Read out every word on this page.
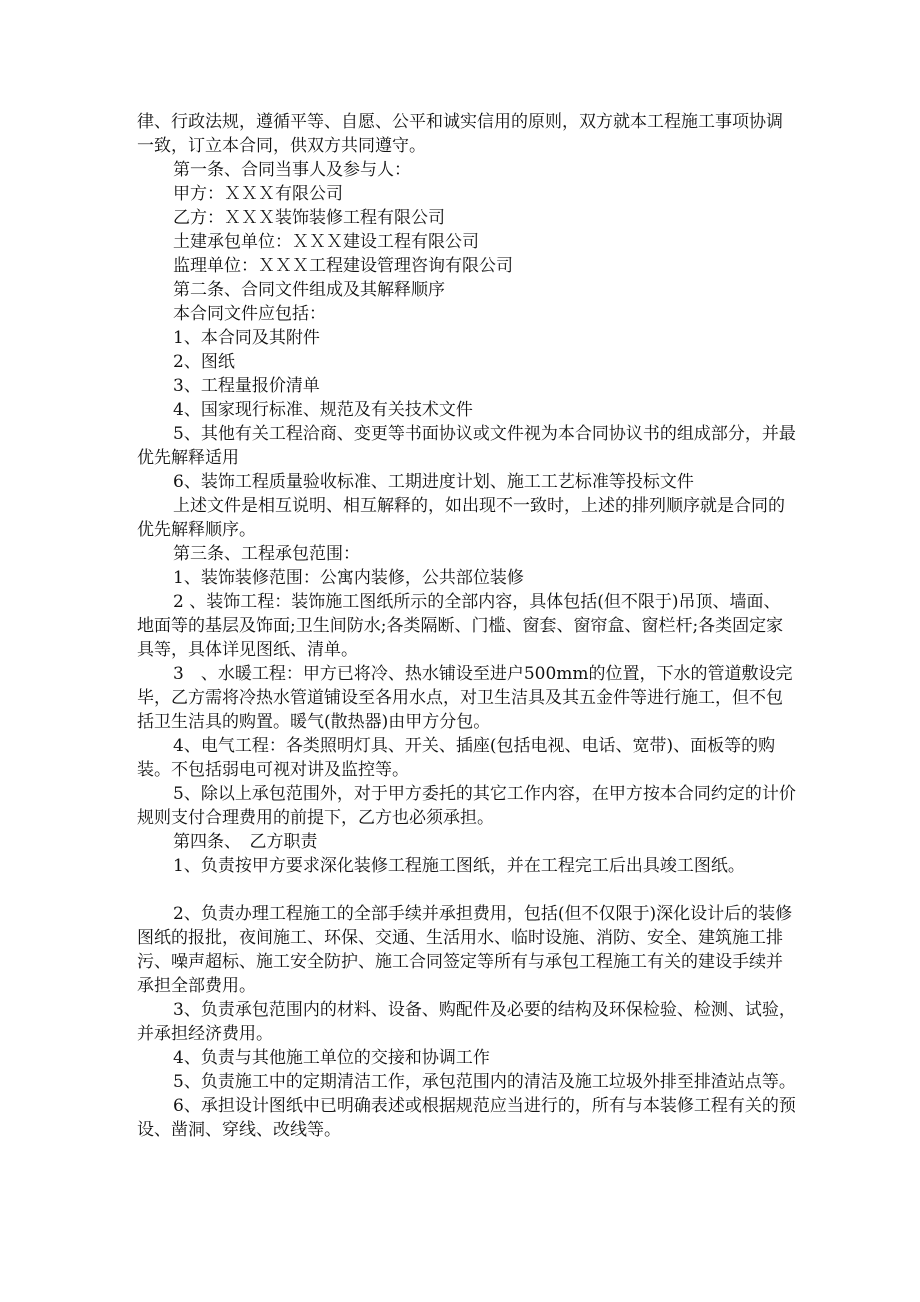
律、行政法规，遵循平等、自愿、公平和诚实信用的原则，双方就本工程施工事项协调一致，订立本合同，供双方共同遵守。

第一条、合同当事人及参与人：

甲方：ＸＸＸ有限公司

乙方：ＸＸＸ装饰装修工程有限公司

土建承包单位：ＸＸＸ建设工程有限公司

监理单位：ＸＸＸ工程建设管理咨询有限公司

第二条、合同文件组成及其解释顺序

本合同文件应包括：

1、本合同及其附件

2、图纸

3、工程量报价清单

4、国家现行标准、规范及有关技术文件

5、其他有关工程洽商、变更等书面协议或文件视为本合同协议书的组成部分，并最优先解释适用

6、装饰工程质量验收标准、工期进度计划、施工工艺标准等投标文件

上述文件是相互说明、相互解释的，如出现不一致时，上述的排列顺序就是合同的优先解释顺序。

第三条、工程承包范围：

1、装饰装修范围：公寓内装修，公共部位装修

2 、装饰工程：装饰施工图纸所示的全部内容，具体包括(但不限于)吊顶、墙面、地面等的基层及饰面;卫生间防水;各类隔断、门槛、窗套、窗帘盒、窗栏杆;各类固定家具等，具体详见图纸、清单。

3　、水暖工程：甲方已将冷、热水铺设至进户500mm的位置，下水的管道敷设完毕，乙方需将冷热水管道铺设至各用水点，对卫生洁具及其五金件等进行施工，但不包括卫生洁具的购置。暖气(散热器)由甲方分包。

4、电气工程：各类照明灯具、开关、插座(包括电视、电话、宽带)、面板等的购装。不包括弱电可视对讲及监控等。

5、除以上承包范围外，对于甲方委托的其它工作内容，在甲方按本合同约定的计价规则支付合理费用的前提下，乙方也必须承担。

第四条、　乙方职责

1、负责按甲方要求深化装修工程施工图纸，并在工程完工后出具竣工图纸。

2、负责办理工程施工的全部手续并承担费用，包括(但不仅限于)深化设计后的装修图纸的报批，夜间施工、环保、交通、生活用水、临时设施、消防、安全、建筑施工排污、噪声超标、施工安全防护、施工合同签定等所有与承包工程施工有关的建设手续并承担全部费用。

3、负责承包范围内的材料、设备、购配件及必要的结构及环保检验、检测、试验，并承担经济费用。

4、负责与其他施工单位的交接和协调工作

5、负责施工中的定期清洁工作，承包范围内的清洁及施工垃圾外排至排渣站点等。

6、承担设计图纸中已明确表述或根据规范应当进行的，所有与本装修工程有关的预设、凿洞、穿线、改线等。
